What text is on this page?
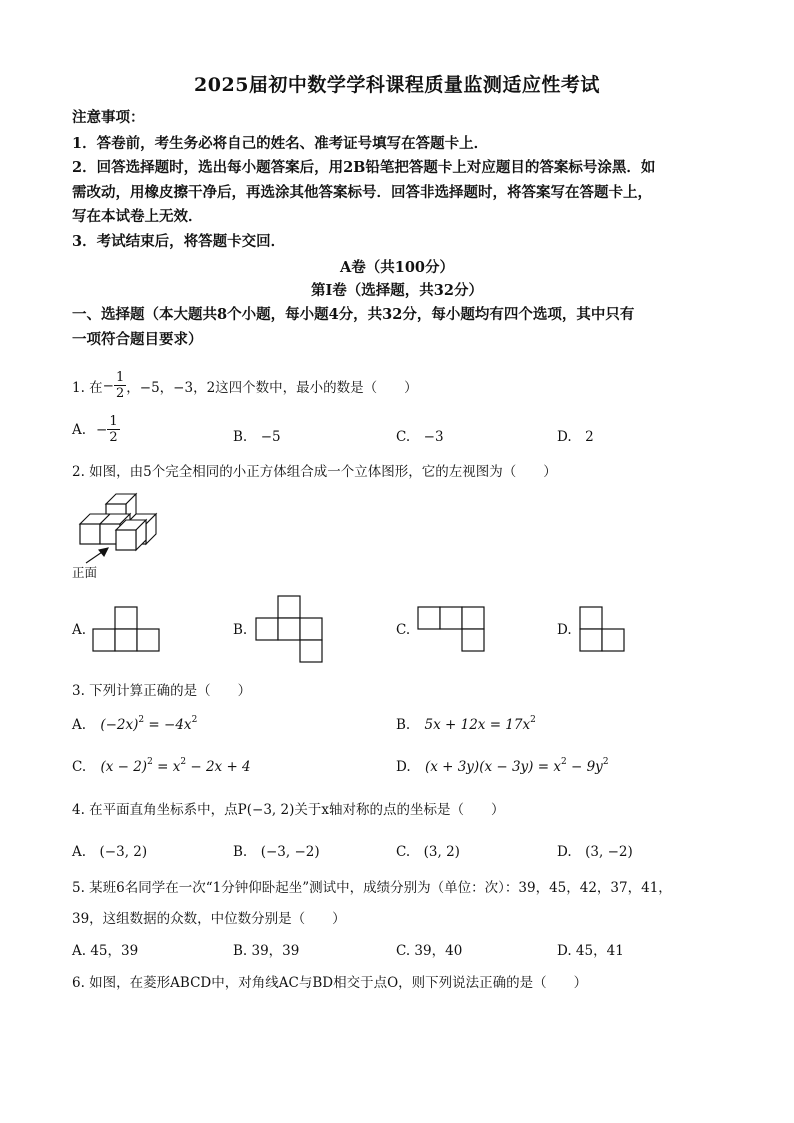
2025届初中数学学科课程质量监测适应性考试
注意事项：
1．答卷前，考生务必将自己的姓名、准考证号填写在答题卡上．
2．回答选择题时，选出每小题答案后，用2B铅笔把答题卡上对应题目的答案标号涂黑．如
需改动，用橡皮擦干净后，再选涂其他答案标号．回答非选择题时，将答案写在答题卡上，
写在本试卷上无效．
3．考试结束后，将答题卡交回．
A卷（共100分）
第Ⅰ卷（选择题，共32分）
一、选择题（本大题共8个小题，每小题4分，共32分，每小题均有四个选项，其中只有
一项符合题目要求）
1. 在 − $\frac{1}{2}$ ，−5，−3，2这四个数中，最小的数是（　　）
A. − $\frac{1}{2}$	B.　−5	C.　−3	D.　2
2. 如图，由5个完全相同的小正方体组合成一个立体图形，它的左视图为（　　）
正面
A.	B.	C.	D.
3. 下列计算正确的是（　　）
A. $(-2x)^2 = -4x^2$	B. $5x + 12x = 17x^2$
C. $(x - 2)^2 = x^2 - 2x + 4$	D. $(x + 3y)(x - 3y) = x^2 - 9y^2$
4. 在平面直角坐标系中，点P(−3, 2)关于x轴对称的点的坐标是（　　）
A.　(−3, 2)	B.　(−3, −2)	C.　(3, 2)	D.　(3, −2)
5. 某班6名同学在一次“1分钟仰卧起坐”测试中，成绩分别为（单位：次）：39，45，42，37，41，
39，这组数据的众数，中位数分别是（　　）
A. 45，39	B. 39，39	C. 39，40	D. 45，41
6. 如图，在菱形ABCD中，对角线AC与BD相交于点O，则下列说法正确的是（　　）
